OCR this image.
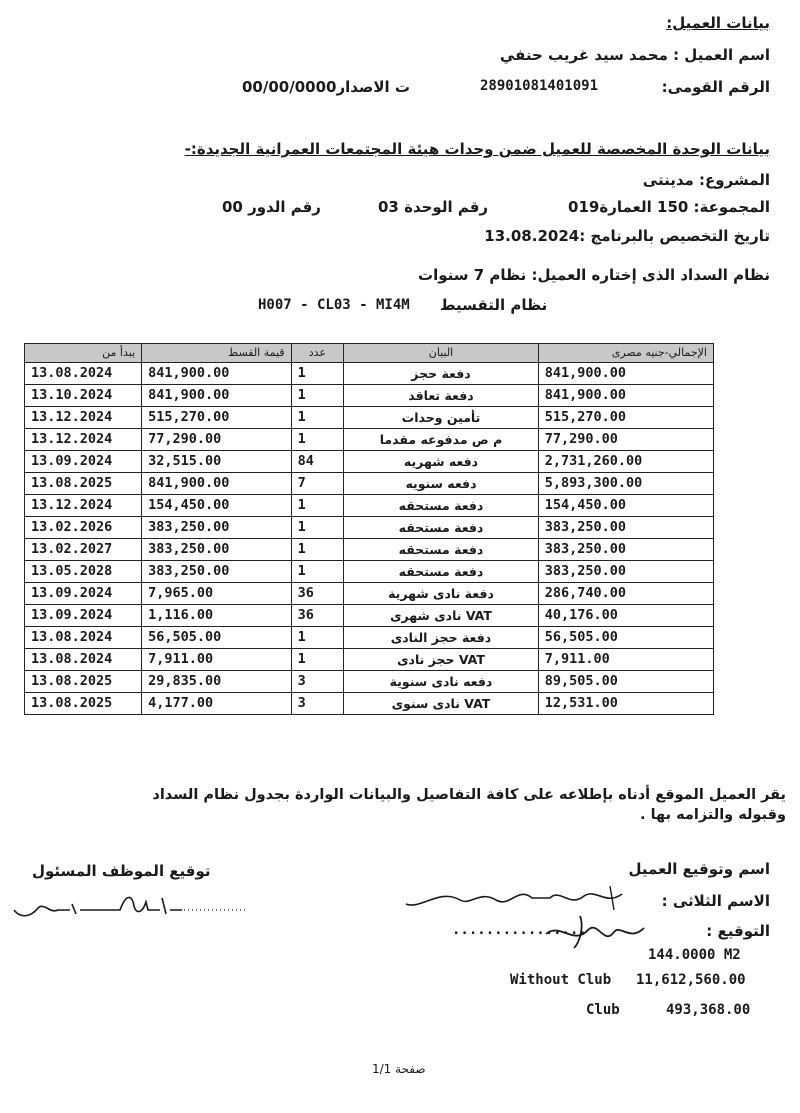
بيانات العميل:
اسم العميل : محمد سيد غريب حنفي
الرقم القومى:
28901081401091
ت الاصدار00/00/0000
بيانات الوحدة المخصصة للعميل ضمن وحدات هيئة المجتمعات العمرانية الجديدة:-
المشروع: مدينتى
المجموعة: 150 العمارة019
رقم الوحدة 03
رقم الدور 00
تاريخ التخصيص بالبرنامج :13.08.2024
نظام السداد الذى إختاره العميل: نظام 7 سنوات
نظام التقسيط
H007 - CL03 - MI4M
يبدأ من	قيمة القسط	عدد	البيان	الإجمالي-جنيه مصرى
13.08.2024	841,900.00	1	دفعة حجز	841,900.00
13.10.2024	841,900.00	1	دفعة تعاقد	841,900.00
13.12.2024	515,270.00	1	تأمين وحدات	515,270.00
13.12.2024	77,290.00	1	م ص مدفوعه مقدما	77,290.00
13.09.2024	32,515.00	84	دفعه شهريه	2,731,260.00
13.08.2025	841,900.00	7	دفعه سنويه	5,893,300.00
13.12.2024	154,450.00	1	دفعة مستحقه	154,450.00
13.02.2026	383,250.00	1	دفعة مستحقه	383,250.00
13.02.2027	383,250.00	1	دفعة مستحقه	383,250.00
13.05.2028	383,250.00	1	دفعة مستحقه	383,250.00
13.09.2024	7,965.00	36	دفعة نادى شهرية	286,740.00
13.09.2024	1,116.00	36	VAT نادى شهرى	40,176.00
13.08.2024	56,505.00	1	دفعة حجز النادى	56,505.00
13.08.2024	7,911.00	1	VAT حجز نادى	7,911.00
13.08.2025	29,835.00	3	دفعه نادى سنوية	89,505.00
13.08.2025	4,177.00	3	VAT نادى سنوى	12,531.00
يقر العميل الموقع أدناه بإطلاعه على كافة التفاصيل والبيانات الواردة بجدول نظام السداد
وقبوله والتزامه بها .
توقيع الموظف المسئول	اسم وتوقيع العميل
الاسم الثلاثى :
التوقيع :
................
144.0000 M2
Without Club 11,612,560.00
Club	493,368.00
صفحة 1/1
